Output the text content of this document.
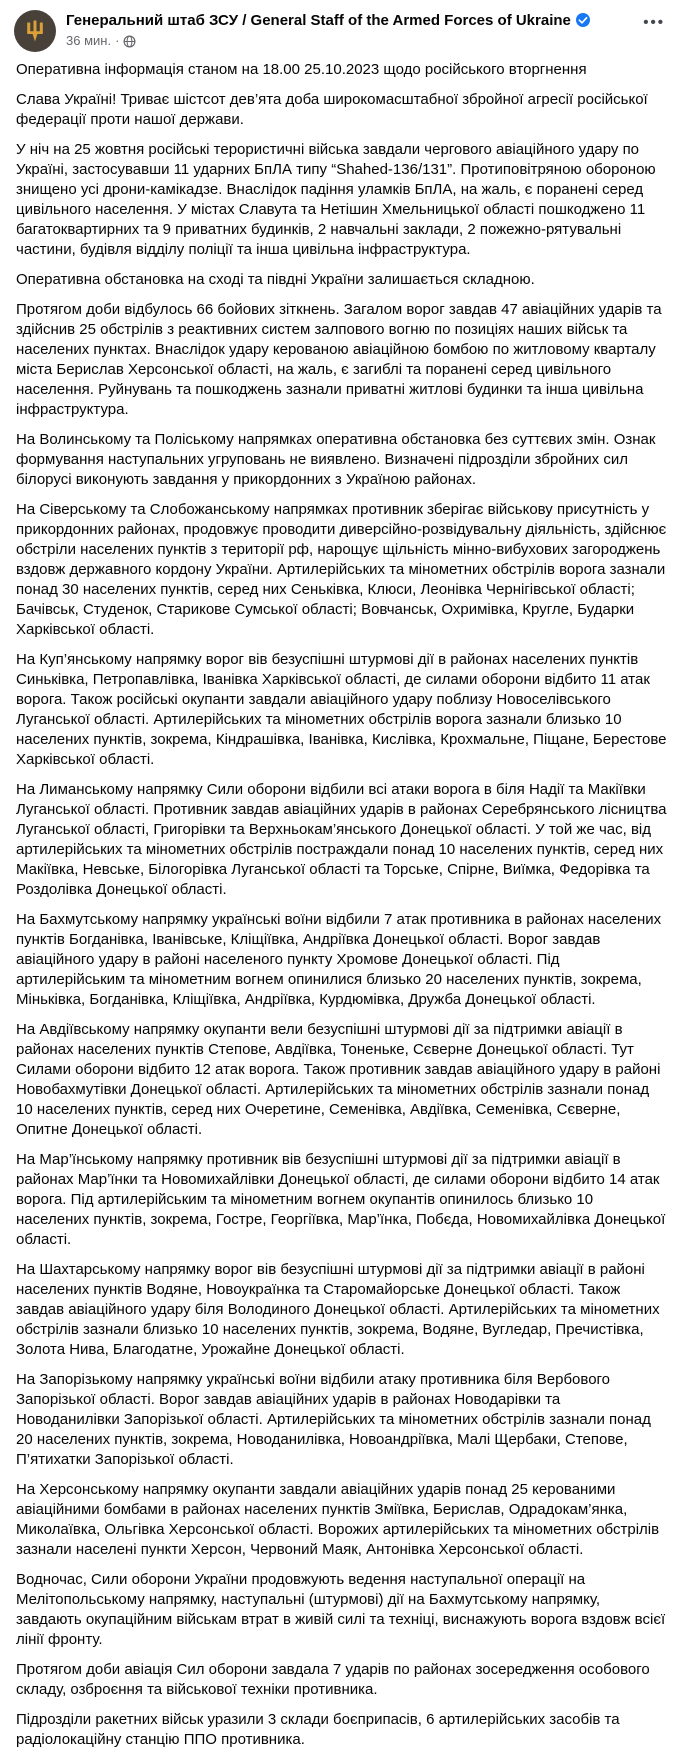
Генеральний штаб ЗСУ / General Staff of the Armed Forces of Ukraine
36 мин. ·
•••

Оперативна інформація станом на 18.00 25.10.2023 щодо російського вторгнення

Слава Україні! Триває шістсот дев’ята доба широкомасштабної збройної агресії російської федерації проти нашої держави.

У ніч на 25 жовтня російські терористичні війська завдали чергового авіаційного удару по Україні, застосувавши 11 ударних БпЛА типу “Shahed-136/131”. Протиповітряною обороною знищено усі дрони-камікадзе. Внаслідок падіння уламків БпЛА, на жаль, є поранені серед цивільного населення. У містах Славута та Нетішин Хмельницької області пошкоджено 11 багатоквартирних та 9 приватних будинків, 2 навчальні заклади, 2 пожежно-рятувальні частини, будівля відділу поліції та інша цивільна інфраструктура.

Оперативна обстановка на сході та півдні України залишається складною.

Протягом доби відбулось 66 бойових зіткнень. Загалом ворог завдав 47 авіаційних ударів та здійснив 25 обстрілів з реактивних систем залпового вогню по позиціях наших військ та населених пунктах. Внаслідок удару керованою авіаційною бомбою по житловому кварталу міста Берислав Херсонської області, на жаль, є загиблі та поранені серед цивільного населення. Руйнувань та пошкоджень зазнали приватні житлові будинки та інша цивільна інфраструктура.

На Волинському та Поліському напрямках оперативна обстановка без суттєвих змін. Ознак формування наступальних угруповань не виявлено. Визначені підрозділи збройних сил білорусі виконують завдання у прикордонних з Україною районах.

На Сіверському та Слобожанському напрямках противник зберігає військову присутність у прикордонних районах, продовжує проводити диверсійно-розвідувальну діяльність, здійснює обстріли населених пунктів з території рф, нарощує щільність мінно-вибухових загороджень вздовж державного кордону України. Артилерійських та мінометних обстрілів ворога зазнали понад 30 населених пунктів, серед них Сеньківка, Клюси, Леонівка Чернігівської області; Бачівськ, Студенок, Старикове Сумської області; Вовчанськ, Охримівка, Кругле, Бударки Харківської області.

На Куп’янському напрямку ворог вів безуспішні штурмові дії в районах населених пунктів Синьківка, Петропавлівка, Іванівка Харківської області, де силами оборони відбито 11 атак ворога. Також російські окупанти завдали авіаційного удару поблизу Новоселівського Луганської області. Артилерійських та мінометних обстрілів ворога зазнали близько 10 населених пунктів, зокрема, Кіндрашівка, Іванівка, Кислівка, Крохмальне, Піщане, Берестове Харківської області.

На Лиманському напрямку Сили оборони відбили всі атаки ворога в біля Надії та Макіївки Луганської області. Противник завдав авіаційних ударів в районах Серебрянського лісництва Луганської області, Григорівки та Верхньокам’янського Донецької області. У той же час, від артилерійських та мінометних обстрілів постраждали понад 10 населених пунктів, серед них Макіївка, Невське, Білогорівка Луганської області та Торське, Спірне, Виїмка, Федорівка та Роздолівка Донецької області.

На Бахмутському напрямку українські воїни відбили 7 атак противника в районах населених пунктів Богданівка, Іванівське, Кліщіївка, Андріївка Донецької області. Ворог завдав авіаційного удару в районі населеного пункту Хромове Донецької області. Під артилерійським та мінометним вогнем опинилися близько 20 населених пунктів, зокрема, Міньківка, Богданівка, Кліщіївка, Андріївка, Курдюмівка, Дружба Донецької області.

На Авдіївському напрямку окупанти вели безуспішні штурмові дії за підтримки авіації в районах населених пунктів Степове, Авдіївка, Тоненьке, Сєверне Донецької області. Тут Силами оборони відбито 12 атак ворога. Також противник завдав авіаційного удару в районі Новобахмутівки Донецької області. Артилерійських та мінометних обстрілів зазнали понад 10 населених пунктів, серед них Очеретине, Семенівка, Авдіївка, Семенівка, Сєверне, Опитне Донецької області.

На Мар’їнському напрямку противник вів безуспішні штурмові дії за підтримки авіації в районах Мар’їнки та Новомихайлівки Донецької області, де силами оборони відбито 14 атак ворога. Під артилерійським та мінометним вогнем окупантів опинилось близько 10 населених пунктів, зокрема, Гостре, Георгіївка, Мар’їнка, Побєда, Новомихайлівка Донецької області.

На Шахтарському напрямку ворог вів безуспішні штурмові дії за підтримки авіації в районі населених пунктів Водяне, Новоукраїнка та Старомайорське Донецької області. Також завдав авіаційного удару біля Володиного Донецької області. Артилерійських та мінометних обстрілів зазнали близько 10 населених пунктів, зокрема, Водяне, Вугледар, Пречистівка, Золота Нива, Благодатне, Урожайне Донецької області.

На Запорізькому напрямку українські воїни відбили атаку противника біля Вербового Запорізької області. Ворог завдав авіаційних ударів в районах Новодарівки та Новоданилівки Запорізької області. Артилерійських та мінометних обстрілів зазнали понад 20 населених пунктів, зокрема, Новоданилівка, Новоандріївка, Малі Щербаки, Степове, П’ятихатки Запорізької області.

На Херсонському напрямку окупанти завдали авіаційних ударів понад 25 керованими авіаційними бомбами в районах населених пунктів Зміївка, Берислав, Одрадокам’янка, Миколаївка, Ольгівка Херсонської області. Ворожих артилерійських та мінометних обстрілів зазнали населені пункти Херсон, Червоний Маяк, Антонівка Херсонської області.

Водночас, Сили оборони України продовжують ведення наступальної операції на Мелітопольському напрямку, наступальні (штурмові) дії на Бахмутському напрямку, завдають окупаційним військам втрат в живій силі та техніці, виснажують ворога вздовж всієї лінії фронту.

Протягом доби авіація Сил оборони завдала 7 ударів по районах зосередження особового складу, озброєння та військової техніки противника.

Підрозділи ракетних військ уразили 3 склади боєприпасів, 6 артилерійських засобів та радіолокаційну станцію ППО противника.
